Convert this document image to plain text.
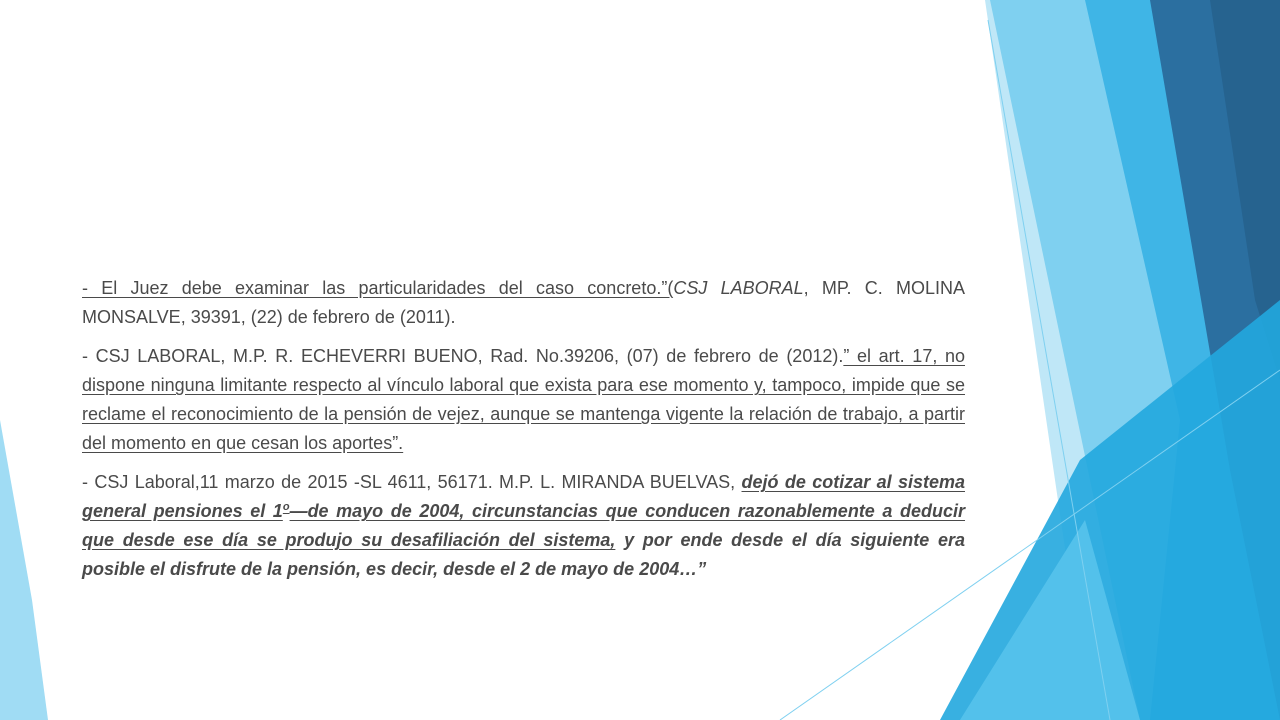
- El Juez debe examinar las particularidades del caso concreto.”(CSJ LABORAL, MP. C. MOLINA MONSALVE, 39391, (22) de febrero de (2011).

- CSJ LABORAL, M.P. R. ECHEVERRI BUENO, Rad. No.39206, (07) de febrero de (2012).” el art. 17, no dispone ninguna limitante respecto al vínculo laboral que exista para ese momento y, tampoco, impide que se reclame el reconocimiento de la pensión de vejez, aunque se mantenga vigente la relación de trabajo, a partir del momento en que cesan los aportes”.

- CSJ Laboral,11 marzo de 2015 -SL 4611, 56171. M.P. L. MIRANDA BUELVAS, dejó de cotizar al sistema general pensiones el 1$^o$—de mayo de 2004, circunstancias que conducen razonablemente a deducir que desde ese día se produjo su desafiliación del sistema, y por ende desde el día siguiente era posible el disfrute de la pensión, es decir, desde el 2 de mayo de 2004…”
